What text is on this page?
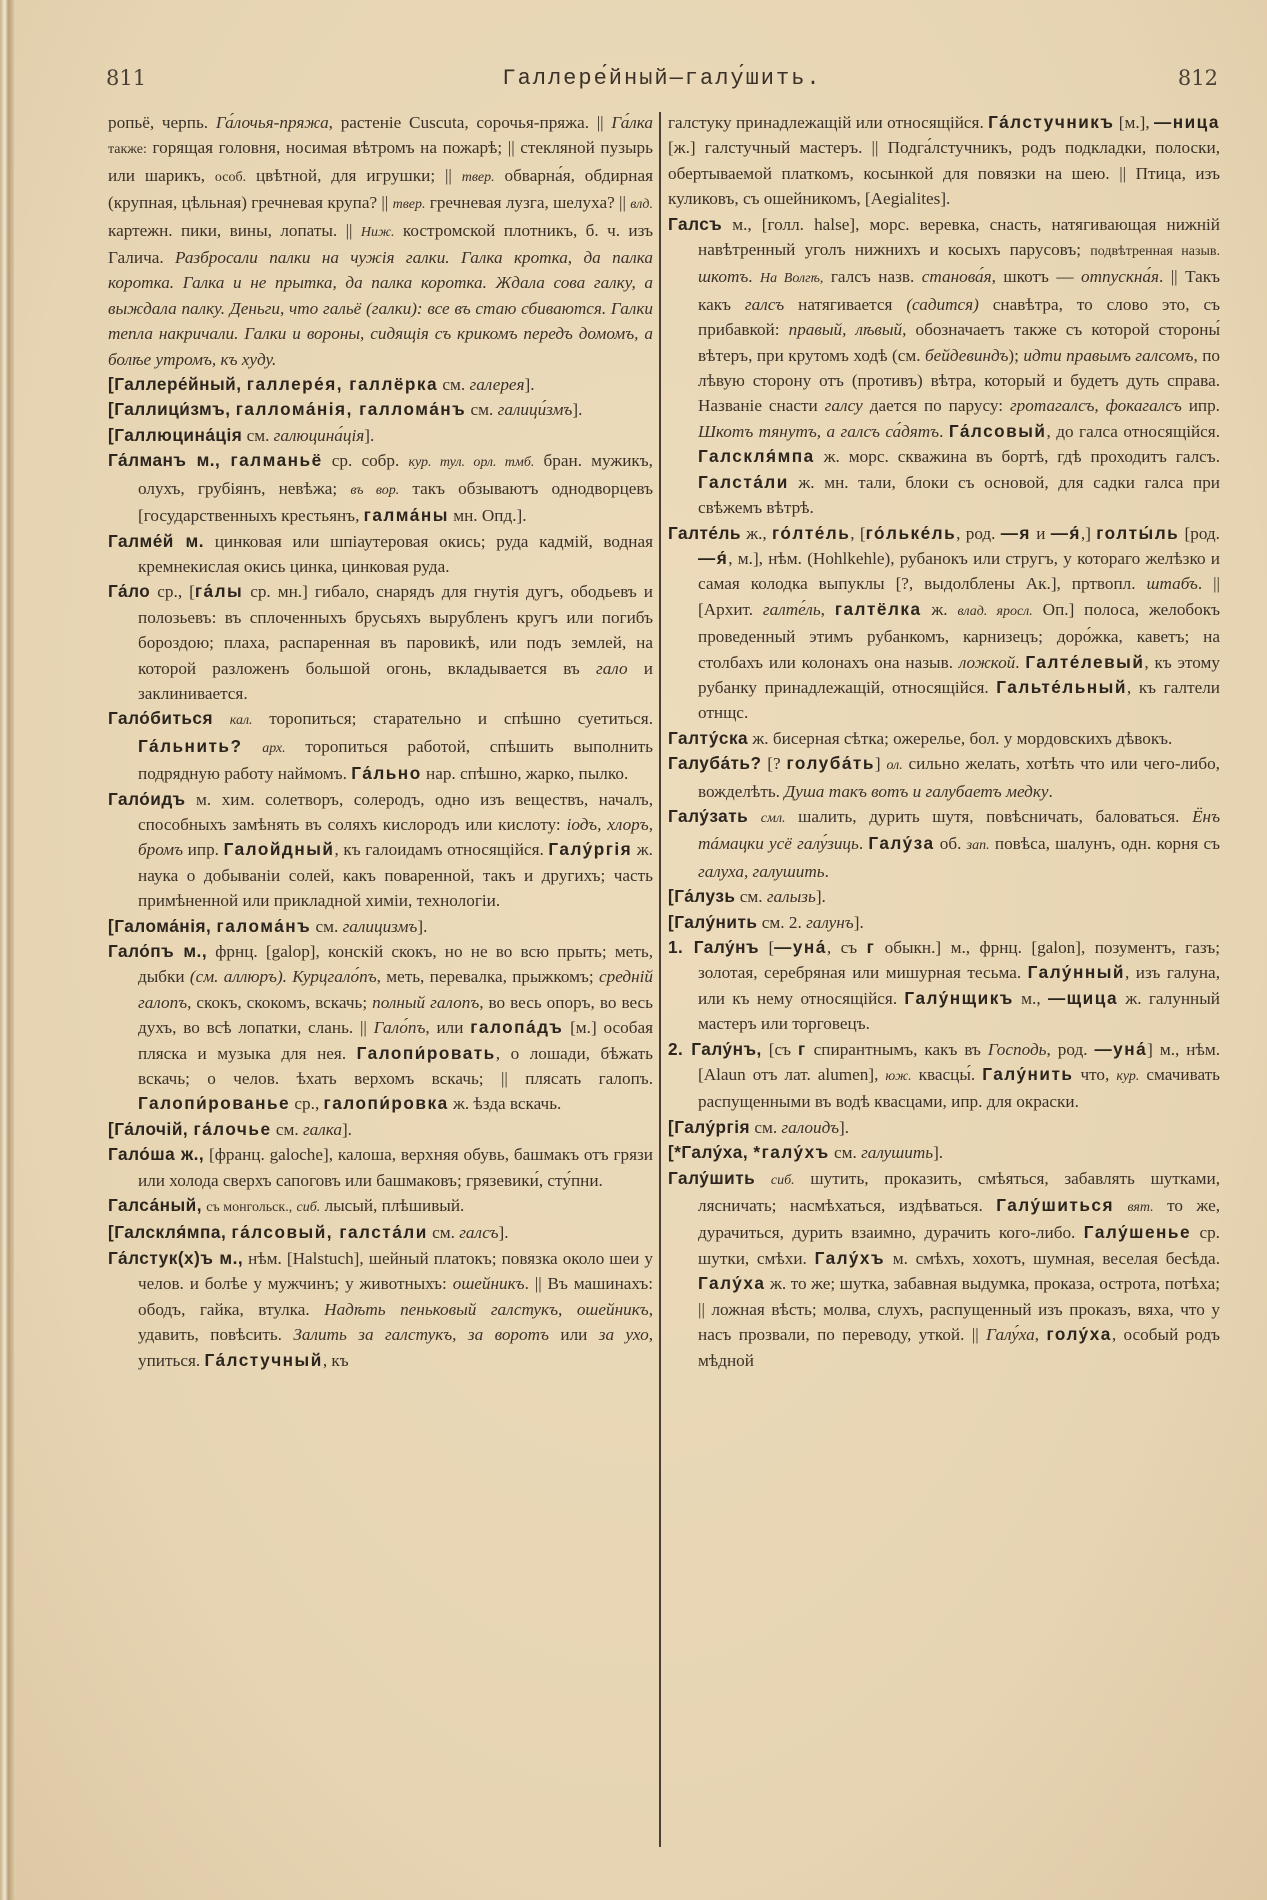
811	Галлере́йный—галу́шить.	812

ропьё, черпь. Га́лочья-пряжа, растеніе Cuscuta, сорочья-пряжа. || Га́лка также: горящая головня, носимая вѣтромъ на пожарѣ; || стекляной пузырь или шарикъ, особ. цвѣтной, для игрушки; || твер. обварна́я, обдирная (крупная, цѣльная) гречневая крупа? || твер. гречневая лузга, шелуха? || влд. картежн. пики, вины, лопаты. || Ниж. костромской плотникъ, б. ч. изъ Галича. Разбросали палки на чужія галки. Галка кротка, да палка коротка. Галка и не прытка, да палка коротка. Ждала сова галку, а выждала палку. Деньги, что гальё (галки): все въ стаю сбиваются. Галки тепла накричали. Галки и вороны, сидящія съ крикомъ передъ домомъ, а болѣе утромъ, къ худу.

[Галлере́йный, галлере́я, галлёрка см. галерея].

[Галлици́змъ, галлома́нія, галлома́нъ см. галици́змъ].

[Галлюцина́ція см. галюцина́ція].

Га́лманъ м., галманьё ср. собр. кур. тул. орл. тмб. бран. мужикъ, олухъ, грубіянъ, невѣжа; въ вор. такъ обзываютъ однодворцевъ [государственныхъ крестьянъ, галма́ны мн. Опд.].

Галме́й м. цинковая или шпіаутеровая окись; руда кадмій, водная кремнекислая окись цинка, цинковая руда.

Га́ло ср., [га́лы ср. мн.] гибало, снарядъ для гнутія дугъ, ободьевъ и полозьевъ: въ сплоченныхъ брусьяхъ вырубленъ кругъ или погибъ бороздою; плаха, распаренная въ паровикѣ, или подъ землей, на которой разложенъ большой огонь, вкладывается въ гало и заклинивается.

Гало́биться кал. торопиться; старательно и спѣшно суетиться. Га́льнить? арх. торопиться работой, спѣшить выполнить подрядную работу наймомъ. Га́льно нар. спѣшно, жарко, пылко.

Гало́идъ м. хим. солетворъ, солеродъ, одно изъ веществъ, началъ, способныхъ замѣнять въ соляхъ кислородъ или кислоту: іодъ, хлоръ, бромъ ипр. Галойдный, къ галоидамъ относящійся. Галу́ргія ж. наука о добываніи солей, какъ поваренной, такъ и другихъ; часть примѣненной или прикладной химіи, технологіи.

[Галома́нія, галома́нъ см. галицизмъ].

Гало́пъ м., фрнц. [galop], конскій скокъ, но не во всю прыть; меть, дыбки (см. аллюръ). Курцгало́пъ, меть, перевалка, прыжкомъ; средній галопъ, скокъ, скокомъ, вскачь; полный галопъ, во весь опоръ, во весь духъ, во всѣ лопатки, слань. || Гало́пъ, или галопа́дъ [м.] особая пляска и музыка для нея. Галопи́ровать, о лошади, бѣжать вскачь; о челов. ѣхать верхомъ вскачь; || плясать галопъ. Галопи́рованье ср., галопи́ровка ж. ѣзда вскачь.

[Га́лочій, га́лочье см. галка].

Гало́ша ж., [франц. galoche], калоша, верхняя обувь, башмакъ отъ грязи или холода сверхъ сапоговъ или башмаковъ; грязевики́, сту́пни.

Галса́ный, съ монгольск., сиб. лысый, плѣшивый.

[Галскля́мпа, га́лсовый, галста́ли см. галсъ].

Га́лстук(х)ъ м., нѣм. [Halstuch], шейный платокъ; повязка около шеи у челов. и болѣе у мужчинъ; у животныхъ: ошейникъ. || Въ машинахъ: ободъ, гайка, втулка. Надѣть пеньковый галстукъ, ошейникъ, удавить, повѣсить. Залить за галстукъ, за воротъ или за ухо, упиться. Га́лстучный, къ

галстуку принадлежащій или относящійся. Га́лстучникъ [м.], —ница [ж.] галстучный мастеръ. || Подга́лстучникъ, родъ подкладки, полоски, обертываемой платкомъ, косынкой для повязки на шею. || Птица, изъ куликовъ, съ ошейникомъ, [Aegialites].

Галсъ м., [голл. halse], морс. веревка, снасть, натягивающая нижній навѣтренный уголъ нижнихъ и косыхъ парусовъ; подвѣтренная назыв. шкотъ. На Волгѣ, галсъ назв. станова́я, шкотъ — отпускна́я. || Такъ какъ галсъ натягивается (садится) снавѣтра, то слово это, съ прибавкой: правый, лѣвый, обозначаетъ также съ которой стороны́ вѣтеръ, при крутомъ ходѣ (см. бейдевиндъ); идти правымъ галсомъ, по лѣвую сторону отъ (противъ) вѣтра, который и будетъ дуть справа. Названіе снасти галсу дается по парусу: гротагалсъ, фокагалсъ ипр. Шкотъ тянутъ, а галсъ са́дятъ. Га́лсовый, до галса относящійся. Галскля́мпа ж. морс. скважина въ бортѣ, гдѣ проходитъ галсъ. Галста́ли ж. мн. тали, блоки съ основой, для садки галса при свѣжемъ вѣтрѣ.

Галте́ль ж., го́лте́ль, [го́льке́ль, род. —я и —я́,] голты́ль [род. —я́, м.], нѣм. (Hohlkehle), рубанокъ или стругъ, у котораго желѣзко и самая колодка выпуклы [?, выдолблены Ак.], пртвопл. штабъ. || [Архит. галте́ль, галтёлка ж. влад. яросл. Оп.] полоса, желобокъ проведенный этимъ рубанкомъ, карнизецъ; доро́жка, каветъ; на столбахъ или колонахъ она назыв. ложкой. Галте́левый, къ этому рубанку принадлежащій, относящійся. Гальте́льный, къ галтели отнщс.

Галту́ска ж. бисерная сѣтка; ожерелье, бол. у мордовскихъ дѣвокъ.

Галуба́ть? [? голуба́ть] ол. сильно желать, хотѣть что или чего-либо, вожделѣть. Душа такъ вотъ и галубаетъ медку.

Галу́зать смл. шалить, дурить шутя, повѣсничать, баловаться. Ёнъ тáмацки усё галу́зиць. Галу́за об. зап. повѣса, шалунъ, одн. корня съ галуха, галушить.

[Га́лузь см. галызь].

[Галу́нить см. 2. галунъ].

1. Галу́нъ [—уна́, съ г обыкн.] м., фрнц. [galon], позументъ, газъ; золотая, серебряная или мишурная тесьма. Галу́нный, изъ галуна, или къ нему относящійся. Галу́нщикъ м., —щица ж. галунный мастеръ или торговецъ.

2. Галу́нъ, [съ г спирантнымъ, какъ въ Господь, род. —уна́] м., нѣм. [Alaun отъ лат. alumen], юж. квасцы́. Галу́нить что, кур. смачивать распущенными въ водѣ квасцами, ипр. для окраски.

[Галу́ргія см. галоидъ].

[*Галу́ха, *галу́хъ см. галушить].

Галу́шить сиб. шутить, проказить, смѣяться, забавлять шутками, лясничать; насмѣхаться, издѣваться. Галу́шиться вят. то же, дурачиться, дурить взаимно, дурачить кого-либо. Галу́шенье ср. шутки, смѣхи. Галу́хъ м. смѣхъ, хохотъ, шумная, веселая бесѣда. Галу́ха ж. то же; шутка, забавная выдумка, проказа, острота, потѣха; || ложная вѣсть; молва, слухъ, распущенный изъ проказъ, вяха, что у насъ прозвали, по переводу, уткой. || Галу́ха, голу́ха, особый родъ мѣдной
